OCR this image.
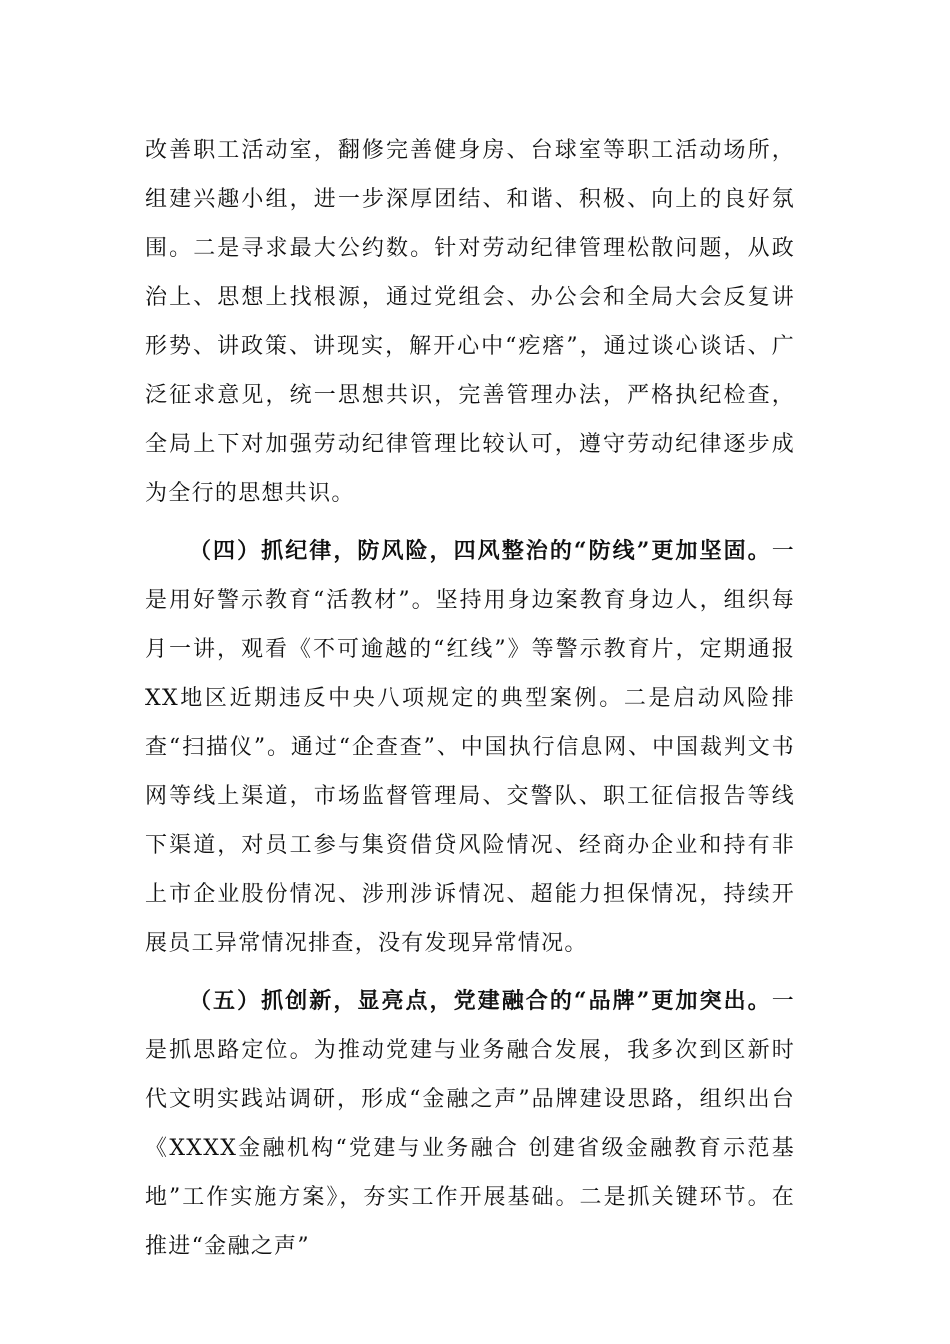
改善职工活动室，翻修完善健身房、台球室等职工活动场所，组建兴趣小组，进一步深厚团结、和谐、积极、向上的良好氛围。二是寻求最大公约数。针对劳动纪律管理松散问题，从政治上、思想上找根源，通过党组会、办公会和全局大会反复讲形势、讲政策、讲现实，解开心中“疙瘩”，通过谈心谈话、广泛征求意见，统一思想共识，完善管理办法，严格执纪检查，全局上下对加强劳动纪律管理比较认可，遵守劳动纪律逐步成为全行的思想共识。

（四）抓纪律，防风险，四风整治的“防线”更加坚固。一是用好警示教育“活教材”。坚持用身边案教育身边人，组织每月一讲，观看《不可逾越的“红线”》等警示教育片，定期通报XX地区近期违反中央八项规定的典型案例。二是启动风险排查“扫描仪”。通过“企查查”、中国执行信息网、中国裁判文书网等线上渠道，市场监督管理局、交警队、职工征信报告等线下渠道，对员工参与集资借贷风险情况、经商办企业和持有非上市企业股份情况、涉刑涉诉情况、超能力担保情况，持续开展员工异常情况排查，没有发现异常情况。

（五）抓创新，显亮点，党建融合的“品牌”更加突出。一是抓思路定位。为推动党建与业务融合发展，我多次到区新时代文明实践站调研，形成“金融之声”品牌建设思路，组织出台《XXXX金融机构“党建与业务融合 创建省级金融教育示范基地”工作实施方案》，夯实工作开展基础。二是抓关键环节。在推进“金融之声”
